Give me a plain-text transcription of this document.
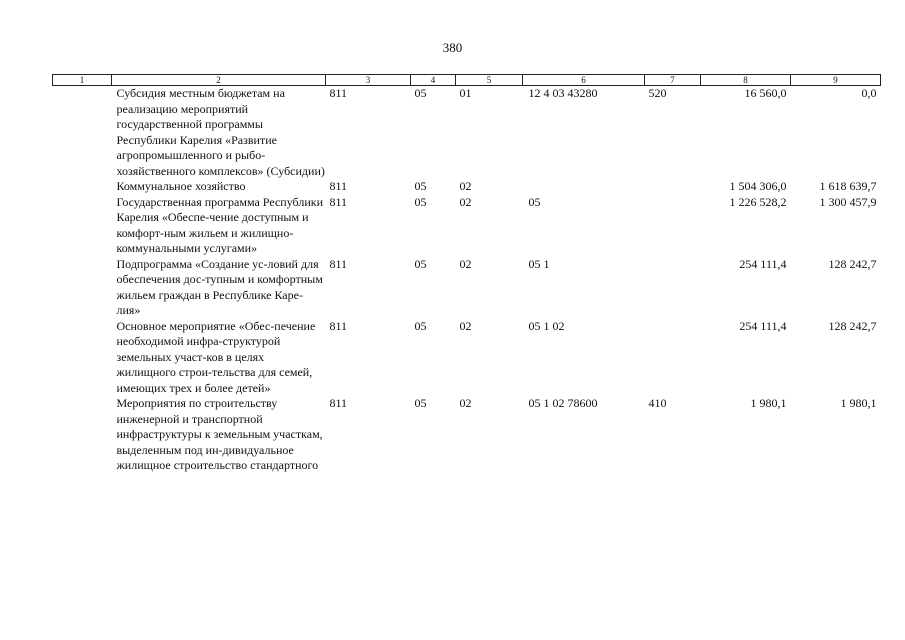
380
1	2	3	4	5	6	7	8	9
	Субсидия местным бюджетам на реализацию мероприятий государственной программы Республики Карелия «Развитие агропромышленного и рыбо-хозяйственного комплексов» (Субсидии)	811	05	01	12 4 03 43280	520	16 560,0	0,0
	Коммунальное хозяйство	811	05	02			1 504 306,0	1 618 639,7
	Государственная программа Республики Карелия «Обеспе-чение доступным и комфорт-ным жильем и жилищно-коммунальными услугами»	811	05	02	05		1 226 528,2	1 300 457,9
	Подпрограмма «Создание ус-ловий для обеспечения дос-тупным и комфортным жильем граждан в Республике Каре-лия»	811	05	02	05 1		254 111,4	128 242,7
	Основное мероприятие «Обес-печение необходимой инфра-структурой земельных участ-ков в целях жилищного строи-тельства для семей, имеющих трех и более детей»	811	05	02	05 1 02		254 111,4	128 242,7
	Мероприятия по строительству инженерной и транспортной инфраструктуры к земельным участкам, выделенным под ин-дивидуальное жилищное строительство стандартного	811	05	02	05 1 02 78600	410	1 980,1	1 980,1
